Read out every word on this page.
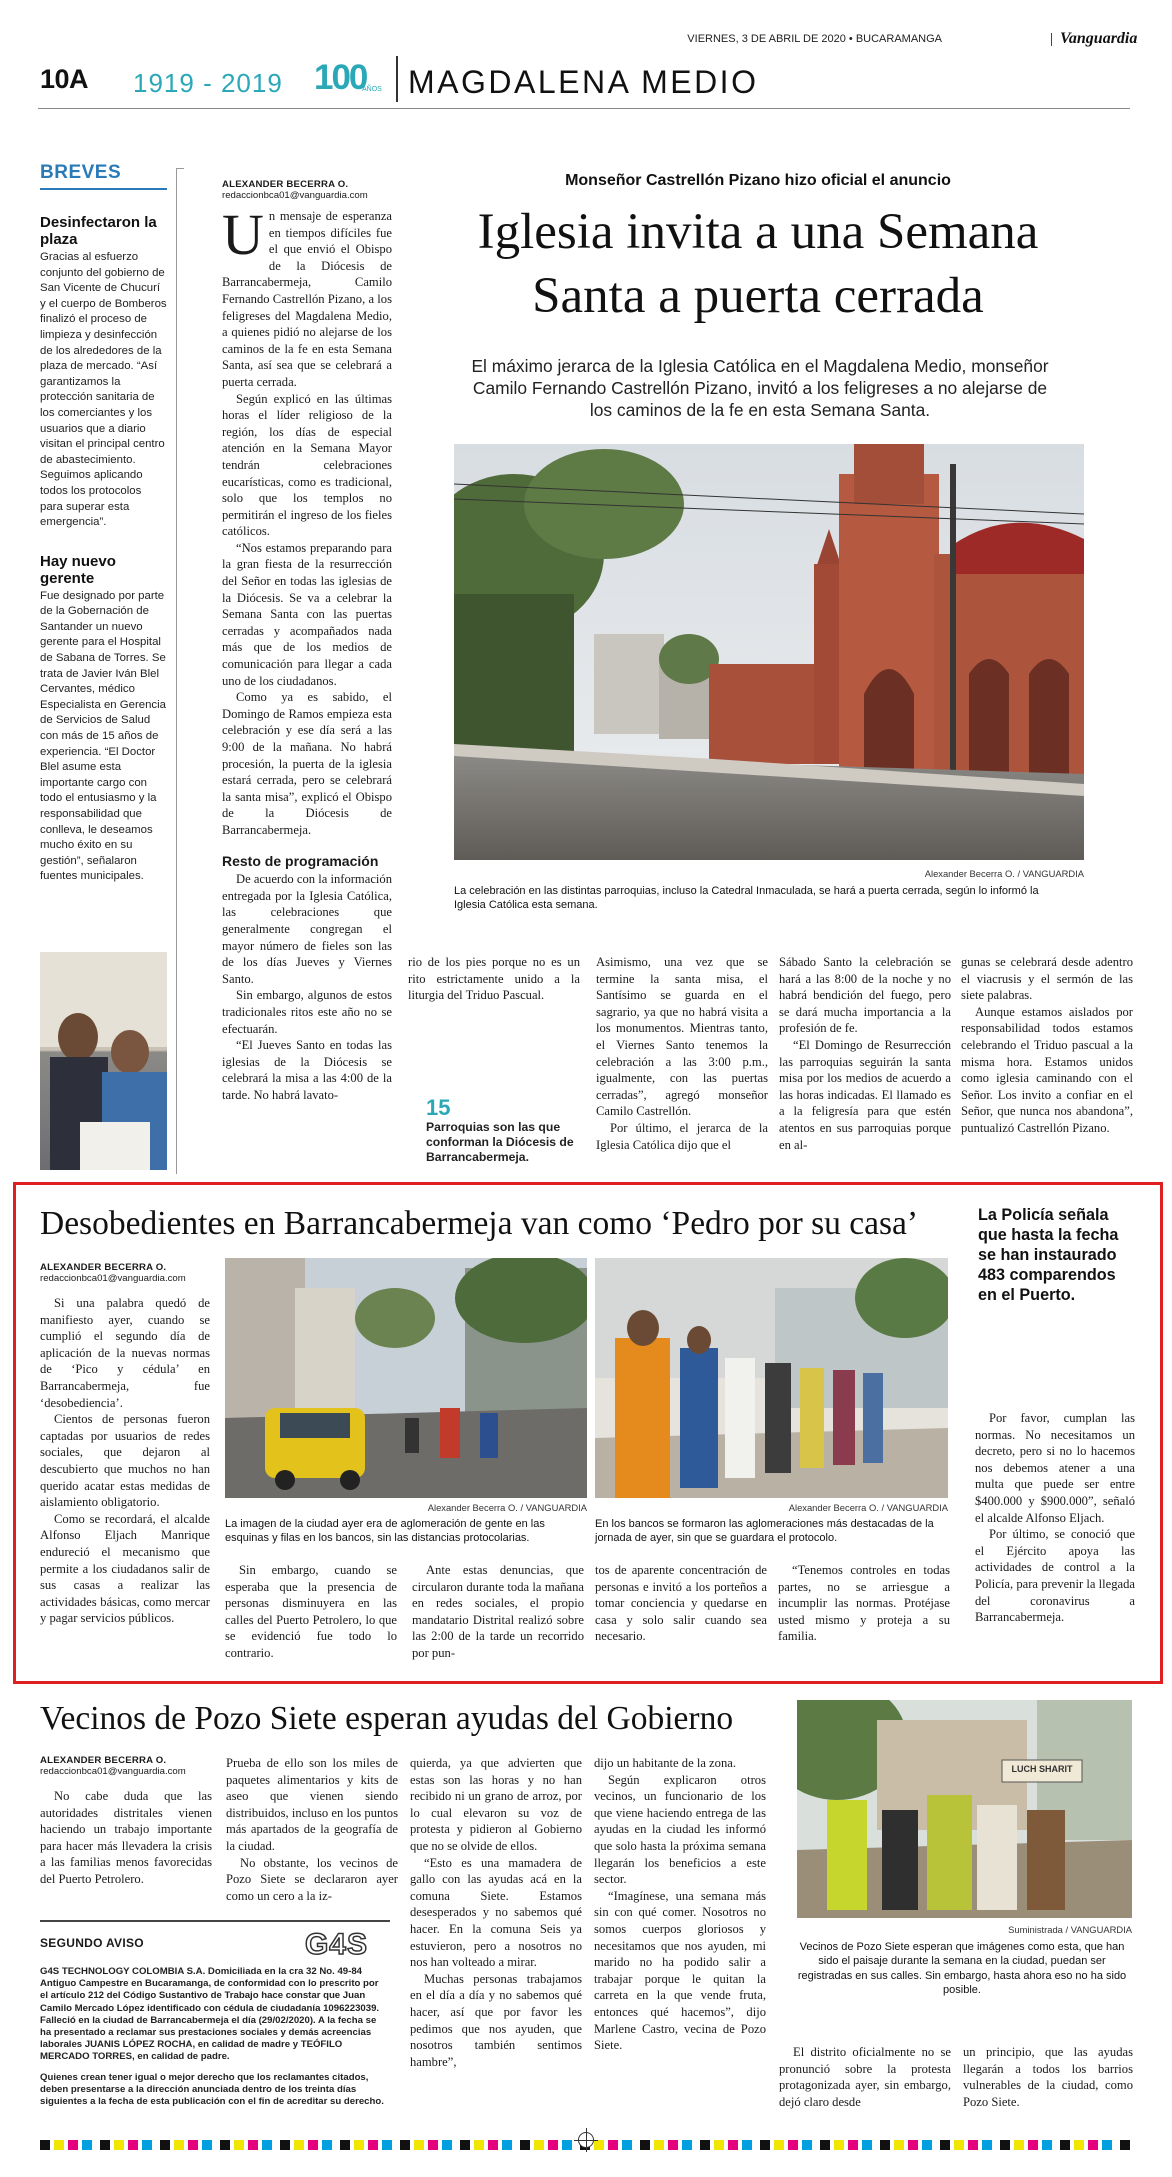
VIERNES, 3 DE ABRIL DE 2020 • BUCARAMANGA	Vanguardia
10A 1919 - 2019 100
AÑOS MAGDALENA MEDIO
BREVES
Desinfectaron la plaza

Gracias al esfuerzo conjunto del gobierno de San Vicente de Chucurí y el cuerpo de Bomberos finalizó el proceso de limpieza y desinfección de los alrededores de la plaza de mercado. “Así garantizamos la protección sanitaria de los comerciantes y los usuarios que a diario visitan el principal centro de abastecimiento. Seguimos aplicando todos los protocolos para superar esta emergencia”.

Hay nuevo gerente

Fue designado por parte de la Gobernación de Santander un nuevo gerente para el Hospital de Sabana de Torres. Se trata de Javier Iván Blel Cervantes, médico Especialista en Gerencia de Servicios de Salud con más de 15 años de experiencia. “El Doctor Blel asume esta importante cargo con todo el entusiasmo y la responsabilidad que conlleva, le deseamos mucho éxito en su gestión”, señalaron fuentes municipales.

ALEXANDER BECERRA O.
redaccionbca01@vanguardia.com
Monseñor Castrellón Pizano hizo oficial el anuncio
Iglesia invita a una Semana Santa a puerta cerrada
El máximo jerarca de la Iglesia Católica en el Magdalena Medio, monseñor Camilo Fernando Castrellón Pizano, invitó a los feligreses a no alejarse de los caminos de la fe en esta Semana Santa.
Alexander Becerra O. / VANGUARDIA
La celebración en las distintas parroquias, incluso la Catedral Inmaculada, se hará a puerta cerrada, según lo informó la Iglesia Católica esta semana.

Un mensaje de esperanza en tiempos difíciles fue el que envió el Obispo de la Diócesis de Barrancabermeja, Camilo Fernando Castrellón Pizano, a los feligreses del Magdalena Medio, a quienes pidió no alejarse de los caminos de la fe en esta Semana Santa, así sea que se celebrará a puerta cerrada.

Según explicó en las últimas horas el líder religioso de la región, los días de especial atención en la Semana Mayor tendrán celebraciones eucarísticas, como es tradicional, solo que los templos no permitirán el ingreso de los fieles católicos.

“Nos estamos preparando para la gran fiesta de la resurrección del Señor en todas las iglesias de la Diócesis. Se va a celebrar la Semana Santa con las puertas cerradas y acompañados nada más que de los medios de comunicación para llegar a cada uno de los ciudadanos.

Como ya es sabido, el Domingo de Ramos empieza esta celebración y ese día será a las 9:00 de la mañana. No habrá procesión, la puerta de la iglesia estará cerrada, pero se celebrará la santa misa”, explicó el Obispo de la Diócesis de Barrancabermeja.

Resto de programación

De acuerdo con la información entregada por la Iglesia Católica, las celebraciones que generalmente congregan el mayor número de fieles son las de los días Jueves y Viernes Santo.

Sin embargo, algunos de estos tradicionales ritos este año no se efectuarán.

“El Jueves Santo en todas las iglesias de la Diócesis se celebrará la misa a las 4:00 de la tarde. No habrá lavato-

rio de los pies porque no es un rito estrictamente unido a la liturgia del Triduo Pascual.

15
Parroquias son las que conforman la Diócesis de Barrancabermeja.

Asimismo, una vez que se termine la santa misa, el Santísimo se guarda en el sagrario, ya que no habrá visita a los monumentos. Mientras tanto, el Viernes Santo tenemos la celebración a las 3:00 p.m., igualmente, con las puertas cerradas”, agregó monseñor Camilo Castrellón.

Por último, el jerarca de la Iglesia Católica dijo que el

Sábado Santo la celebración se hará a las 8:00 de la noche y no habrá bendición del fuego, pero se dará mucha importancia a la profesión de fe.

“El Domingo de Resurrección las parroquias seguirán la santa misa por los medios de acuerdo a las horas indicadas. El llamado es a la feligresía para que estén atentos en sus parroquias porque en al-

gunas se celebrará desde adentro el viacrusis y el sermón de las siete palabras.

Aunque estamos aislados por responsabilidad todos estamos celebrando el Triduo pascual a la misma hora. Estamos unidos como iglesia caminando con el Señor. Los invito a confiar en el Señor, que nunca nos abandona”, puntualizó Castrellón Pizano.

Desobedientes en Barrancabermeja van como ‘Pedro por su casa’
ALEXANDER BECERRA O.
redaccionbca01@vanguardia.com

Si una palabra quedó de manifiesto ayer, cuando se cumplió el segundo día de aplicación de la nuevas normas de ‘Pico y cédula’ en Barrancabermeja, fue ‘desobediencia’.

Cientos de personas fueron captadas por usuarios de redes sociales, que dejaron al descubierto que muchos no han querido acatar estas medidas de aislamiento obligatorio.

Como se recordará, el alcalde Alfonso Eljach Manrique endureció el mecanismo que permite a los ciudadanos salir de sus casas a realizar las actividades básicas, como mercar y pagar servicios públicos.

Alexander Becerra O. / VANGUARDIA
La imagen de la ciudad ayer era de aglomeración de gente en las esquinas y filas en los bancos, sin las distancias protocolarias.
Alexander Becerra O. / VANGUARDIA
En los bancos se formaron las aglomeraciones más destacadas de la jornada de ayer, sin que se guardara el protocolo.

Sin embargo, cuando se esperaba que la presencia de personas disminuyera en las calles del Puerto Petrolero, lo que se evidenció fue todo lo contrario.

Ante estas denuncias, que circularon durante toda la mañana en redes sociales, el propio mandatario Distrital realizó sobre las 2:00 de la tarde un recorrido por pun-

tos de aparente concentración de personas e invitó a los porteños a tomar conciencia y quedarse en casa y solo salir cuando sea necesario.

“Tenemos controles en todas partes, no se arriesgue a incumplir las normas. Protéjase usted mismo y proteja a su familia.

La Policía señala que hasta la fecha se han instaurado 483 comparendos en el Puerto.

Por favor, cumplan las normas. No necesitamos un decreto, pero si no lo hacemos nos debemos atener a una multa que puede ser entre $400.000 y $900.000”, señaló el alcalde Alfonso Eljach.

Por último, se conoció que el Ejército apoya las actividades de control a la Policía, para prevenir la llegada del coronavirus a Barrancabermeja.

Vecinos de Pozo Siete esperan ayudas del Gobierno
ALEXANDER BECERRA O.
redaccionbca01@vanguardia.com

No cabe duda que las autoridades distritales vienen haciendo un trabajo importante para hacer más llevadera la crisis a las familias menos favorecidas del Puerto Petrolero.

SEGUNDO AVISO	G4S
G4S TECHNOLOGY COLOMBIA S.A. Domiciliada en la cra 32 No. 49-84 Antiguo Campestre en Bucaramanga, de conformidad con lo prescrito por el artículo 212 del Código Sustantivo de Trabajo hace constar que Juan Camilo Mercado López identificado con cédula de ciudadanía 1096223039. Falleció en la ciudad de Barrancabermeja el día (29/02/2020). A la fecha se ha presentado a reclamar sus prestaciones sociales y demás acreencias laborales JUANIS LÓPEZ ROCHA, en calidad de madre y TEÓFILO MERCADO TORRES, en calidad de padre.
Quienes crean tener igual o mejor derecho que los reclamantes citados, deben presentarse a la dirección anunciada dentro de los treinta días siguientes a la fecha de esta publicación con el fin de acreditar su derecho.

Prueba de ello son los miles de paquetes alimentarios y kits de aseo que vienen siendo distribuidos, incluso en los puntos más apartados de la geografía de la ciudad.

No obstante, los vecinos de Pozo Siete se declararon ayer como un cero a la iz-

quierda, ya que advierten que estas son las horas y no han recibido ni un grano de arroz, por lo cual elevaron su voz de protesta y pidieron al Gobierno que no se olvide de ellos.

“Esto es una mamadera de gallo con las ayudas acá en la comuna Siete. Estamos desesperados y no sabemos qué hacer. En la comuna Seis ya estuvieron, pero a nosotros no nos han volteado a mirar.

Muchas personas trabajamos en el día a día y no sabemos qué hacer, así que por favor les pedimos que nos ayuden, que nosotros también sentimos hambre”,

dijo un habitante de la zona.

Según explicaron otros vecinos, un funcionario de los que viene haciendo entrega de las ayudas en la ciudad les informó que solo hasta la próxima semana llegarán los beneficios a este sector.

“Imagínese, una semana más sin con qué comer. Nosotros no somos cuerpos gloriosos y necesitamos que nos ayuden, mi marido no ha podido salir a trabajar porque le quitan la carreta en la que vende fruta, entonces qué hacemos”, dijo Marlene Castro, vecina de Pozo Siete.

LUCH SHARIT
Suministrada / VANGUARDIA
Vecinos de Pozo Siete esperan que imágenes como esta, que han sido el paisaje durante la semana en la ciudad, puedan ser registradas en sus calles. Sin embargo, hasta ahora eso no ha sido posible.

El distrito oficialmente no se pronunció sobre la protesta protagonizada ayer, sin embargo, dejó claro desde

un principio, que las ayudas llegarán a todos los barrios vulnerables de la ciudad, como Pozo Siete.
